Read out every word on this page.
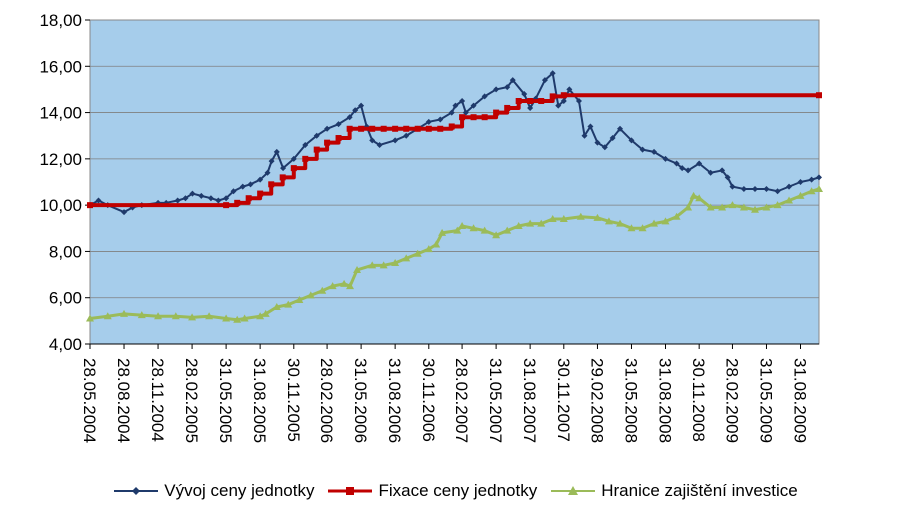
4,00
6,00
8,00
10,00
12,00
14,00
16,00
18,00
28.05.2004 28.08.2004 28.11.2004 28.02.2005 31.05.2005 31.08.2005 30.11.2005 28.02.2006 31.05.2006 31.08.2006 30.11.2006 28.02.2007 31.05.2007 31.08.2007 30.11.2007 29.02.2008 31.05.2008 31.08.2008 30.11.2008 28.02.2009 31.05.2009 31.08.2009
Vývoj ceny jednotky	Fixace ceny jednotky	Hranice zajištění investice
